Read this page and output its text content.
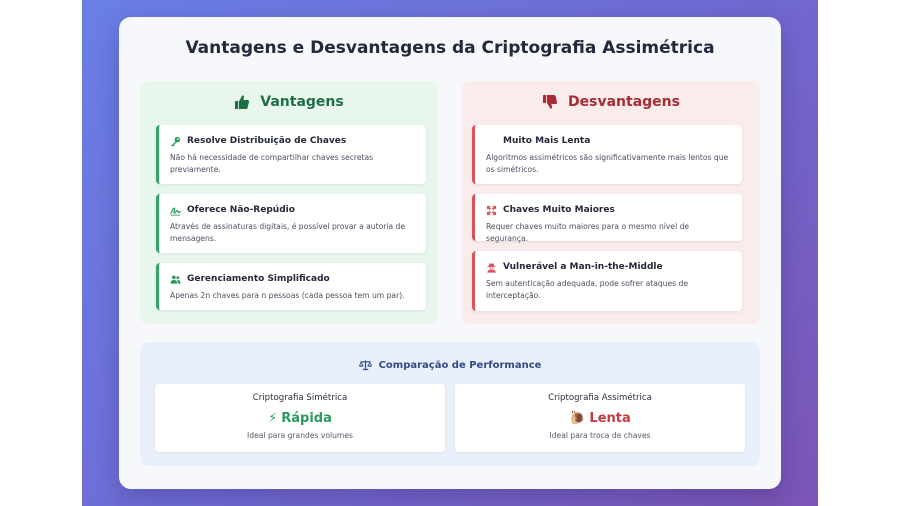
Vantagens e Desvantagens da Criptografia Assimétrica
Vantagens
Resolve Distribuição de Chaves
Não há necessidade de compartilhar chaves secretas previamente.
Oferece Não-Repúdio
Através de assinaturas digitais, é possível provar a autoria de mensagens.
Gerenciamento Simplificado
Apenas 2n chaves para n pessoas (cada pessoa tem um par).
Desvantagens
Muito Mais Lenta
Algoritmos assimétricos são significativamente mais lentos que os simétricos.
Chaves Muito Maiores
Requer chaves muito maiores para o mesmo nível de segurança.
Vulnerável a Man-in-the-Middle
Sem autenticação adequada, pode sofrer ataques de interceptação.
Comparação de Performance
Criptografia Simétrica
⚡ Rápida
Ideal para grandes volumes
Criptografia Assimétrica
🐌 Lenta
Ideal para troca de chaves
